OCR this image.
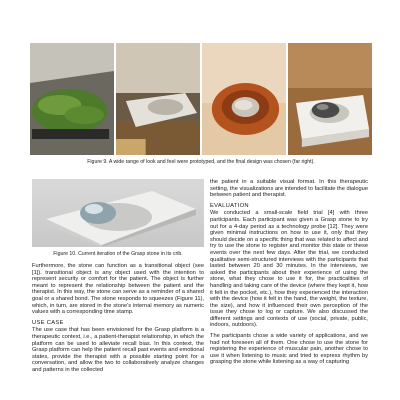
Figure 9. A wide range of look and feel were prototyped, and the final design was chosen (far right).
Figure 10. Current iteration of the Grasp stone in its crib.

Furthermore, the stone can function as a transitional object (see [1]). transitional object is any object used with the intention to represent security or comfort for the patient. The object is further meant to represent the relationship between the patient and the therapist. In this way, the stone can serve as a reminder of a shared goal or a shared bond. The stone responds to squeezes (Figure 11), which, in turn, are stored in the stone's internal memory as numeric values with a corresponding time stamp.

USE CASE

The use case that has been envisioned for the Grasp platform is a therapeutic context, i.e., a patient-therapist relationship, in which the platform can be used to alleviate recall bias. In this context, the Grasp platform can help the patient recall past events and emotional states, provide the therapist with a possible starting point for a conversation, and allow the two to collaboratively analyze changes and patterns in the collected

the patient in a suitable visual format. In this therapeutic setting, the visualizations are intended to facilitate the dialogue between patient and therapist.

EVALUATION

We conducted a small-scale field trial [4] with three participants. Each participant was given a Grasp stone to try out for a 4-day period as a technology probe [12]. They were given minimal instructions on how to use it, only that they should decide on a specific thing that was related to affect and try to use the stone to register and monitor this state or these events over the next few days. After the trial, we conducted qualitative semi-structured interviews with the participants that lasted between 20 and 30 minutes. In the interviews, we asked the participants about their experience of using the stone, what they chose to use it for, the practicalities of handling and taking care of the device (where they kept it, how it felt in the pocket, etc.), how they experienced the interaction with the device (how it felt in the hand, the weight, the texture, the size), and how it influenced their own perception of the issue they chose to log or capture. We also discussed the different settings and contexts of use (social, private, public, indoors, outdoors).

The participants chose a wide variety of applications, and we had not foreseen all of them. One chose to use the stone for registering the experience of muscular pain, another chose to use it when listening to music and tried to express rhythm by grasping the stone while listening as a way of capturing
